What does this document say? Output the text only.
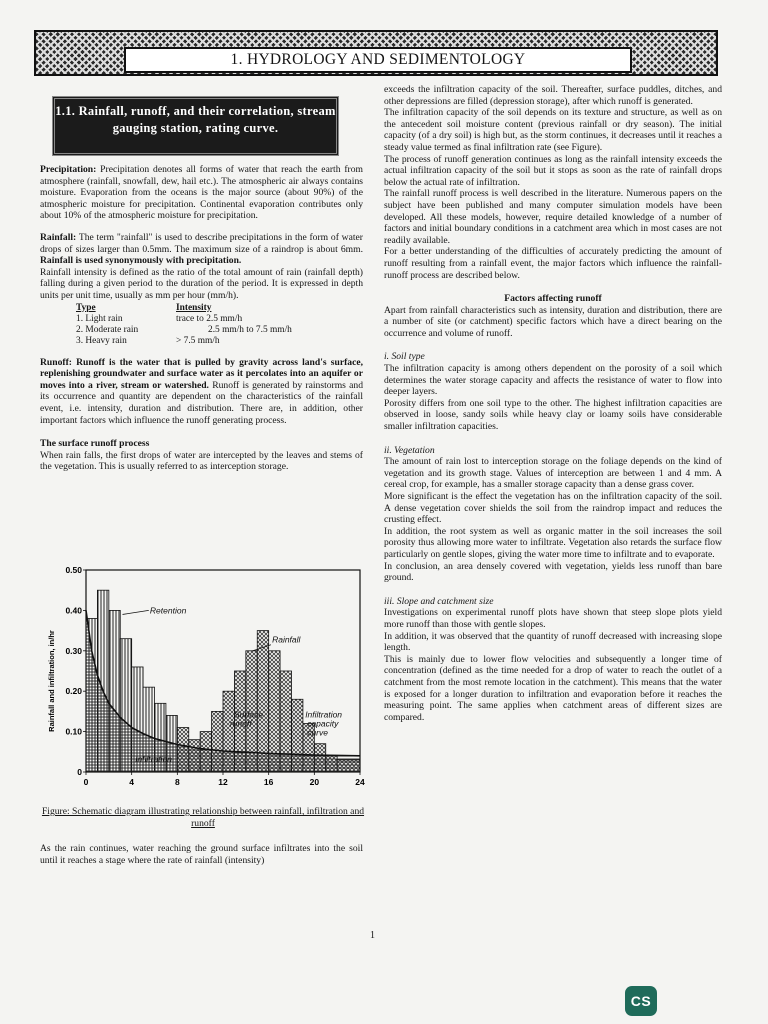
1. HYDROLOGY AND SEDIMENTOLOGY
1.1. Rainfall, runoff, and their correlation, stream gauging station, rating curve.

Precipitation: Precipitation denotes all forms of water that reach the earth from atmosphere (rainfall, snowfall, dew, hail etc.). The atmospheric air always contains moisture. Evaporation from the oceans is the major source (about 90%) of the atmospheric moisture for precipitation. Continental evaporation contributes only about 10% of the atmospheric moisture for precipitation.

Rainfall: The term "rainfall" is used to describe precipitations in the form of water drops of sizes larger than 0.5mm. The maximum size of a raindrop is about 6mm. Rainfall is used synonymously with precipitation.

Rainfall intensity is defined as the ratio of the total amount of rain (rainfall depth) falling during a given period to the duration of the period. It is expressed in depth units per unit time, usually as mm per hour (mm/h).

Type	Intensity
1. Light rain	trace to 2.5 mm/h
2. Moderate rain	2.5 mm/h to 7.5 mm/h
3. Heavy rain	> 7.5 mm/h

Runoff: Runoff is the water that is pulled by gravity across land's surface, replenishing groundwater and surface water as it percolates into an aquifer or moves into a river, stream or watershed. Runoff is generated by rainstorms and its occurrence and quantity are dependent on the characteristics of the rainfall event, i.e. intensity, duration and distribution. There are, in addition, other important factors which influence the runoff generating process.

The surface runoff process

When rain falls, the first drops of water are intercepted by the leaves and stems of the vegetation. This is usually referred to as interception storage.

0	4	8	12	16	20	24
0
0.10
0.20
0.30
0.40
0.50
Rainfall and infiltration, in/hr
Retention
Rainfall
Surface runoff
Infiltration capacity curve
Infiltration
Figure: Schematic diagram illustrating relationship between rainfall, infiltration and runoff

As the rain continues, water reaching the ground surface infiltrates into the soil until it reaches a stage where the rate of rainfall (intensity)

exceeds the infiltration capacity of the soil. Thereafter, surface puddles, ditches, and other depressions are filled (depression storage), after which runoff is generated.

The infiltration capacity of the soil depends on its texture and structure, as well as on the antecedent soil moisture content (previous rainfall or dry season). The initial capacity (of a dry soil) is high but, as the storm continues, it decreases until it reaches a steady value termed as final infiltration rate (see Figure).

The process of runoff generation continues as long as the rainfall intensity exceeds the actual infiltration capacity of the soil but it stops as soon as the rate of rainfall drops below the actual rate of infiltration.

The rainfall runoff process is well described in the literature. Numerous papers on the subject have been published and many computer simulation models have been developed. All these models, however, require detailed knowledge of a number of factors and initial boundary conditions in a catchment area which in most cases are not readily available.

For a better understanding of the difficulties of accurately predicting the amount of runoff resulting from a rainfall event, the major factors which influence the rainfall-runoff process are described below.

Factors affecting runoff

Apart from rainfall characteristics such as intensity, duration and distribution, there are a number of site (or catchment) specific factors which have a direct bearing on the occurrence and volume of runoff.

i. Soil type

The infiltration capacity is among others dependent on the porosity of a soil which determines the water storage capacity and affects the resistance of water to flow into deeper layers.

Porosity differs from one soil type to the other. The highest infiltration capacities are observed in loose, sandy soils while heavy clay or loamy soils have considerable smaller infiltration capacities.

ii. Vegetation

The amount of rain lost to interception storage on the foliage depends on the kind of vegetation and its growth stage. Values of interception are between 1 and 4 mm. A cereal crop, for example, has a smaller storage capacity than a dense grass cover.

More significant is the effect the vegetation has on the infiltration capacity of the soil. A dense vegetation cover shields the soil from the raindrop impact and reduces the crusting effect.

In addition, the root system as well as organic matter in the soil increases the soil porosity thus allowing more water to infiltrate. Vegetation also retards the surface flow particularly on gentle slopes, giving the water more time to infiltrate and to evaporate.

In conclusion, an area densely covered with vegetation, yields less runoff than bare ground.

iii. Slope and catchment size

Investigations on experimental runoff plots have shown that steep slope plots yield more runoff than those with gentle slopes.

In addition, it was observed that the quantity of runoff decreased with increasing slope length.

This is mainly due to lower flow velocities and subsequently a longer time of concentration (defined as the time needed for a drop of water to reach the outlet of a catchment from the most remote location in the catchment). This means that the water is exposed for a longer duration to infiltration and evaporation before it reaches the measuring point. The same applies when catchment areas of different sizes are compared.

1
CS
